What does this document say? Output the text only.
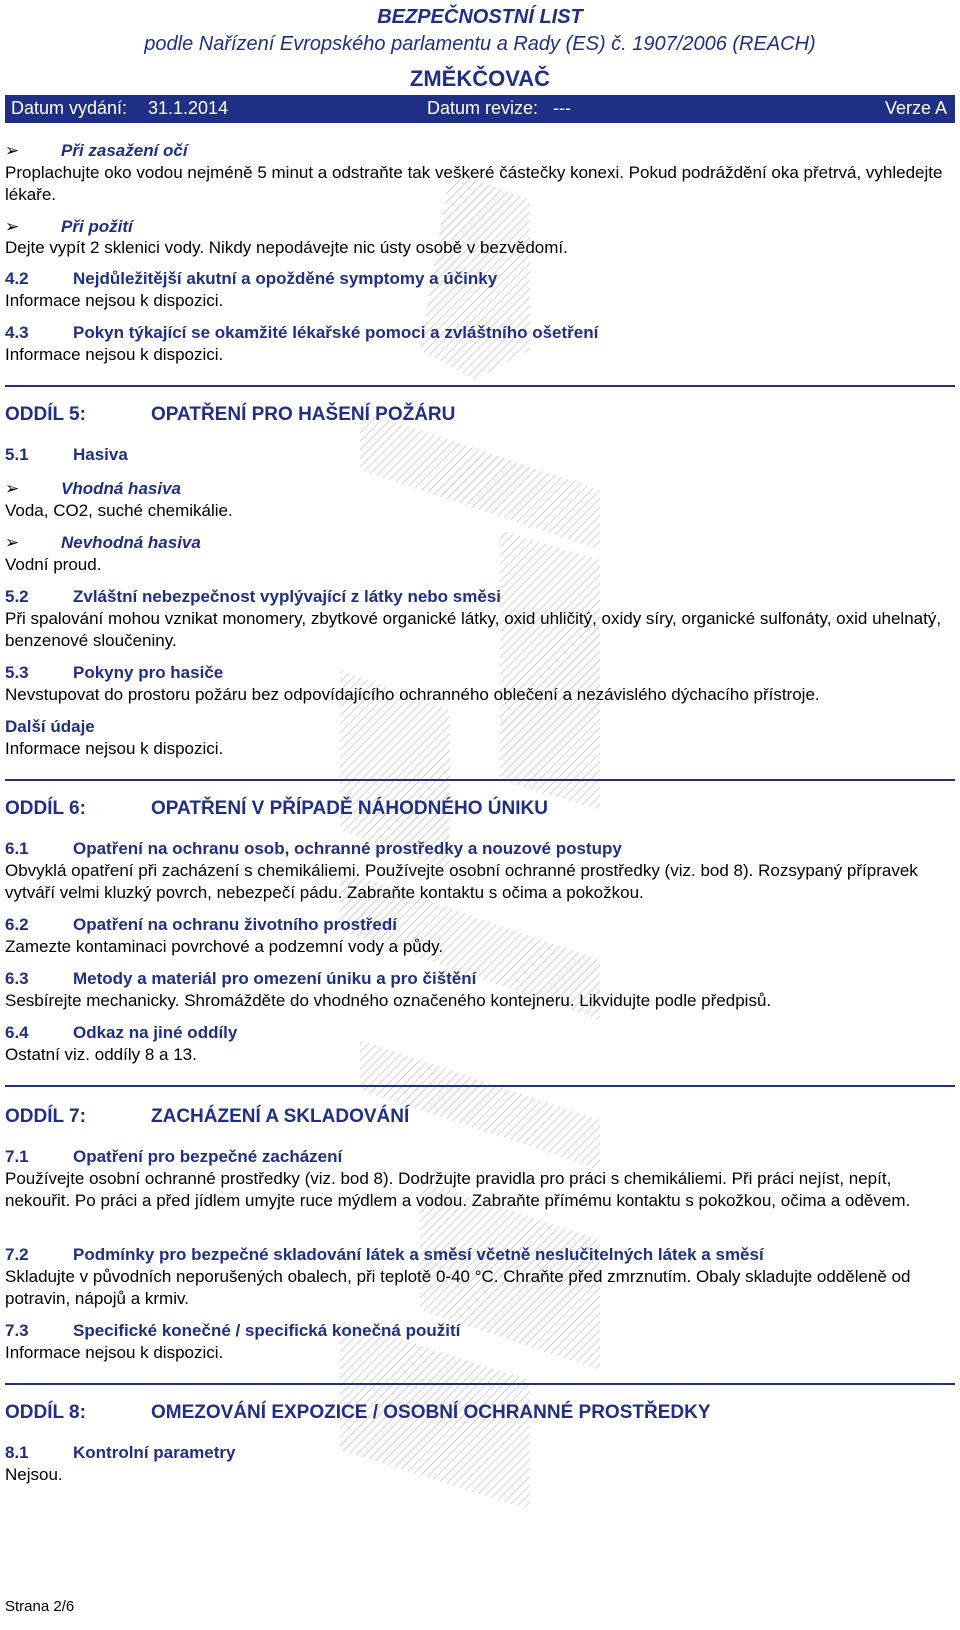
BEZPEČNOSTNÍ LIST
podle Nařízení Evropského parlamentu a Rady (ES) č. 1907/2006 (REACH)
ZMĚKČOVAČ
Datum vydání: 31.1.2014	Datum revize: ---	Verze A
➢ Při zasažení očí
Proplachujte oko vodou nejméně 5 minut a odstraňte tak veškeré částečky konexi. Pokud podráždění oka přetrvá, vyhledejte lékaře.
➢ Při požití
Dejte vypít 2 sklenici vody. Nikdy nepodávejte nic ústy osobě v bezvědomí.
4.2	Nejdůležitější akutní a opožděné symptomy a účinky
Informace nejsou k dispozici.
4.3	Pokyn týkající se okamžité lékařské pomoci a zvláštního ošetření
Informace nejsou k dispozici.
ODDÍL 5:	OPATŘENÍ PRO HAŠENÍ POŽÁRU
5.1	Hasiva
➢ Vhodná hasiva
Voda, CO2, suché chemikálie.
➢ Nevhodná hasiva
Vodní proud.
5.2	Zvláštní nebezpečnost vyplývající z látky nebo směsi
Při spalování mohou vznikat monomery, zbytkové organické látky, oxid uhličitý, oxidy síry, organické sulfonáty, oxid uhelnatý, benzenové sloučeniny.
5.3	Pokyny pro hasiče
Nevstupovat do prostoru požáru bez odpovídajícího ochranného oblečení a nezávislého dýchacího přístroje.
Další údaje
Informace nejsou k dispozici.
ODDÍL 6:	OPATŘENÍ V PŘÍPADĚ NÁHODNÉHO ÚNIKU
6.1	Opatření na ochranu osob, ochranné prostředky a nouzové postupy
Obvyklá opatření při zacházení s chemikáliemi. Používejte osobní ochranné prostředky (viz. bod 8). Rozsypaný přípravek vytváří velmi kluzký povrch, nebezpečí pádu. Zabraňte kontaktu s očima a pokožkou.
6.2	Opatření na ochranu životního prostředí
Zamezte kontaminaci povrchové a podzemní vody a půdy.
6.3	Metody a materiál pro omezení úniku a pro čištění
Sesbírejte mechanicky. Shromážděte do vhodného označeného kontejneru. Likvidujte podle předpisů.
6.4	Odkaz na jiné oddíly
Ostatní viz. oddíly 8 a 13.
ODDÍL 7:	ZACHÁZENÍ A SKLADOVÁNÍ
7.1	Opatření pro bezpečné zacházení
Používejte osobní ochranné prostředky (viz. bod 8). Dodržujte pravidla pro práci s chemikáliemi. Při práci nejíst, nepít, nekouřit. Po práci a před jídlem umyjte ruce mýdlem a vodou. Zabraňte přímému kontaktu s pokožkou, očima a oděvem.
7.2	Podmínky pro bezpečné skladování látek a směsí včetně neslučitelných látek a směsí
Skladujte v původních neporušených obalech, při teplotě 0-40 °C. Chraňte před zmrznutím. Obaly skladujte odděleně od potravin, nápojů a krmiv.
7.3	Specifické konečné / specifická konečná použití
Informace nejsou k dispozici.
ODDÍL 8:	OMEZOVÁNÍ EXPOZICE / OSOBNÍ OCHRANNÉ PROSTŘEDKY
8.1	Kontrolní parametry
Nejsou.
Strana 2/6
